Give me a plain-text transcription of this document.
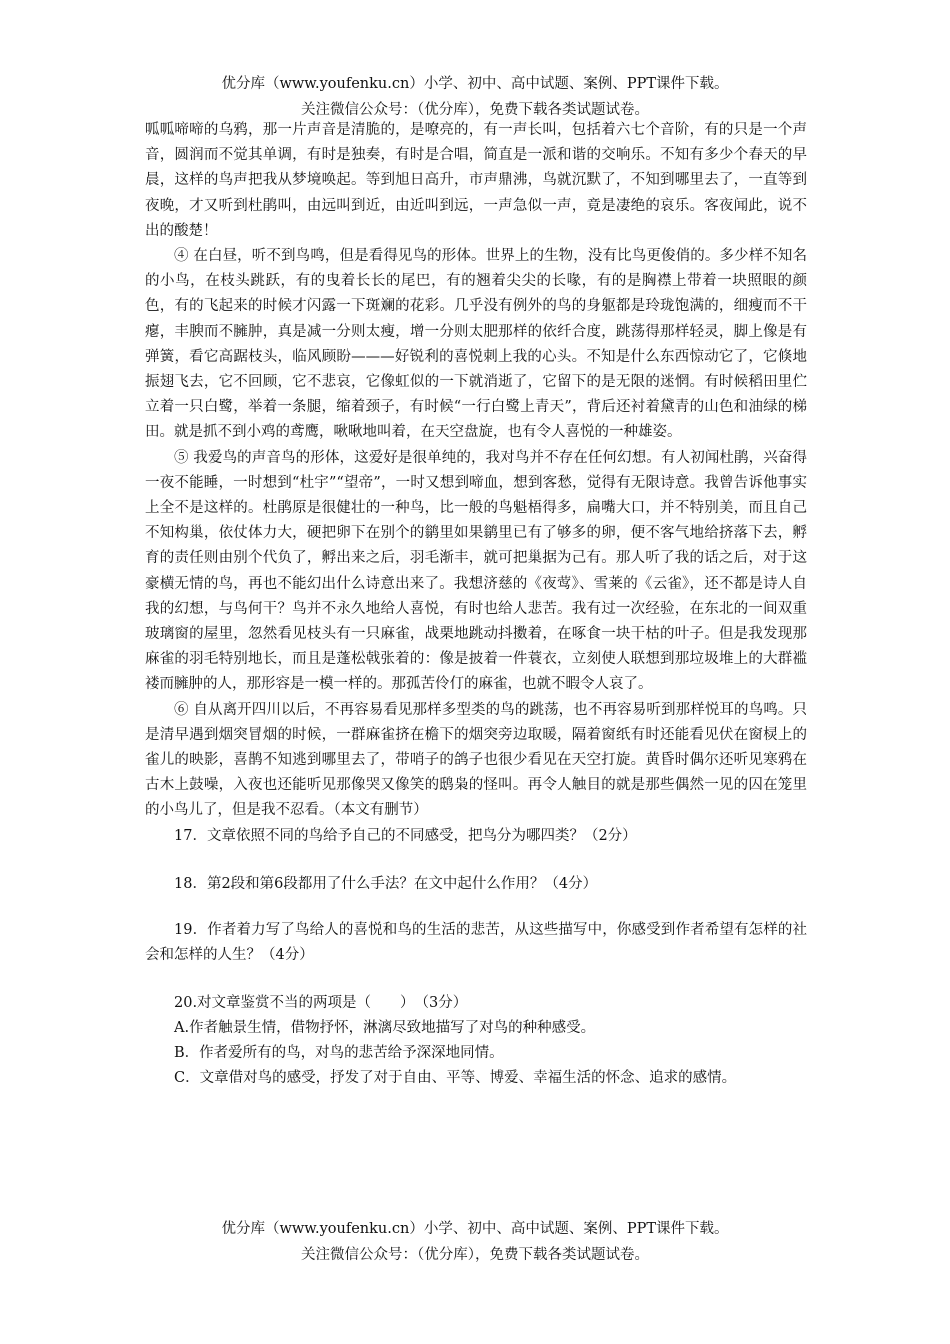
优分库（www.youfenku.cn）小学、初中、高中试题、案例、PPT课件下载。

关注微信公众号：（优分库），免费下载各类试题试卷。

呱呱啼啼的乌鸦，那一片声音是清脆的，是嘹亮的，有一声长叫，包括着六七个音阶，有的只是一个声音，圆润而不觉其单调，有时是独奏，有时是合唱，简直是一派和谐的交响乐。不知有多少个春天的早晨，这样的鸟声把我从梦境唤起。等到旭日高升，市声鼎沸，鸟就沉默了，不知到哪里去了，一直等到夜晚，才又听到杜鹃叫，由远叫到近，由近叫到远，一声急似一声，竟是凄绝的哀乐。客夜闻此，说不出的酸楚！

④ 在白昼，听不到鸟鸣，但是看得见鸟的形体。世界上的生物，没有比鸟更俊俏的。多少样不知名的小鸟，在枝头跳跃，有的曳着长长的尾巴，有的翘着尖尖的长喙，有的是胸襟上带着一块照眼的颜色，有的飞起来的时候才闪露一下斑斓的花彩。几乎没有例外的鸟的身躯都是玲珑饱满的，细瘦而不干瘪，丰腴而不臃肿，真是减一分则太瘦，增一分则太肥那样的依纤合度，跳荡得那样轻灵，脚上像是有弹簧，看它高踞枝头，临风顾盼———好锐利的喜悦刺上我的心头。不知是什么东西惊动它了，它倏地振翅飞去，它不回顾，它不悲哀，它像虹似的一下就消逝了，它留下的是无限的迷惘。有时候稻田里伫立着一只白鹭，举着一条腿，缩着颈子，有时候“一行白鹭上青天”，背后还衬着黛青的山色和油绿的梯田。就是抓不到小鸡的鸢鹰，啾啾地叫着，在天空盘旋，也有令人喜悦的一种雄姿。

⑤ 我爱鸟的声音鸟的形体，这爱好是很单纯的，我对鸟并不存在任何幻想。有人初闻杜鹃，兴奋得一夜不能睡，一时想到“杜宇”“望帝”，一时又想到啼血，想到客愁，觉得有无限诗意。我曾告诉他事实上全不是这样的。杜鹃原是很健壮的一种鸟，比一般的鸟魁梧得多，扁嘴大口，并不特别美，而且自己不知构巢，依仗体力大，硬把卵下在别个的鹟里如果鹟里已有了够多的卵，便不客气地给挤落下去，孵育的责任则由别个代负了，孵出来之后，羽毛渐丰，就可把巢据为己有。那人听了我的话之后，对于这豪横无情的鸟，再也不能幻出什么诗意出来了。我想济慈的《夜莺》、雪莱的《云雀》，还不都是诗人自我的幻想，与鸟何干？鸟并不永久地给人喜悦，有时也给人悲苦。我有过一次经验，在东北的一间双重玻璃窗的屋里，忽然看见枝头有一只麻雀，战栗地跳动抖擞着，在啄食一块干枯的叶子。但是我发现那麻雀的羽毛特别地长，而且是蓬松戟张着的：像是披着一件蓑衣，立刻使人联想到那垃圾堆上的大群褴褛而臃肿的人，那形容是一模一样的。那孤苦伶仃的麻雀，也就不暇令人哀了。

⑥ 自从离开四川以后，不再容易看见那样多型类的鸟的跳荡，也不再容易听到那样悦耳的鸟鸣。只是清早遇到烟突冒烟的时候，一群麻雀挤在檐下的烟突旁边取暖，隔着窗纸有时还能看见伏在窗棂上的雀儿的映影，喜鹊不知逃到哪里去了，带哨子的鸽子也很少看见在天空打旋。黄昏时偶尔还听见寒鸦在古木上鼓噪，入夜也还能听见那像哭又像笑的鸱枭的怪叫。再令人触目的就是那些偶然一见的囚在笼里的小鸟儿了，但是我不忍看。（本文有删节）

17．文章依照不同的鸟给予自己的不同感受，把鸟分为哪四类？（2分）

18．第2段和第6段都用了什么手法？在文中起什么作用？（4分）

19．作者着力写了鸟给人的喜悦和鸟的生活的悲苦，从这些描写中，你感受到作者希望有怎样的社会和怎样的人生？（4分）

20.对文章鉴赏不当的两项是（　　）　（3分）

A.作者触景生情，借物抒怀，淋漓尽致地描写了对鸟的种种感受。

B．作者爱所有的鸟，对鸟的悲苦给予深深地同情。

C．文章借对鸟的感受，抒发了对于自由、平等、博爱、幸福生活的怀念、追求的感情。

优分库（www.youfenku.cn）小学、初中、高中试题、案例、PPT课件下载。

关注微信公众号：（优分库），免费下载各类试题试卷。
